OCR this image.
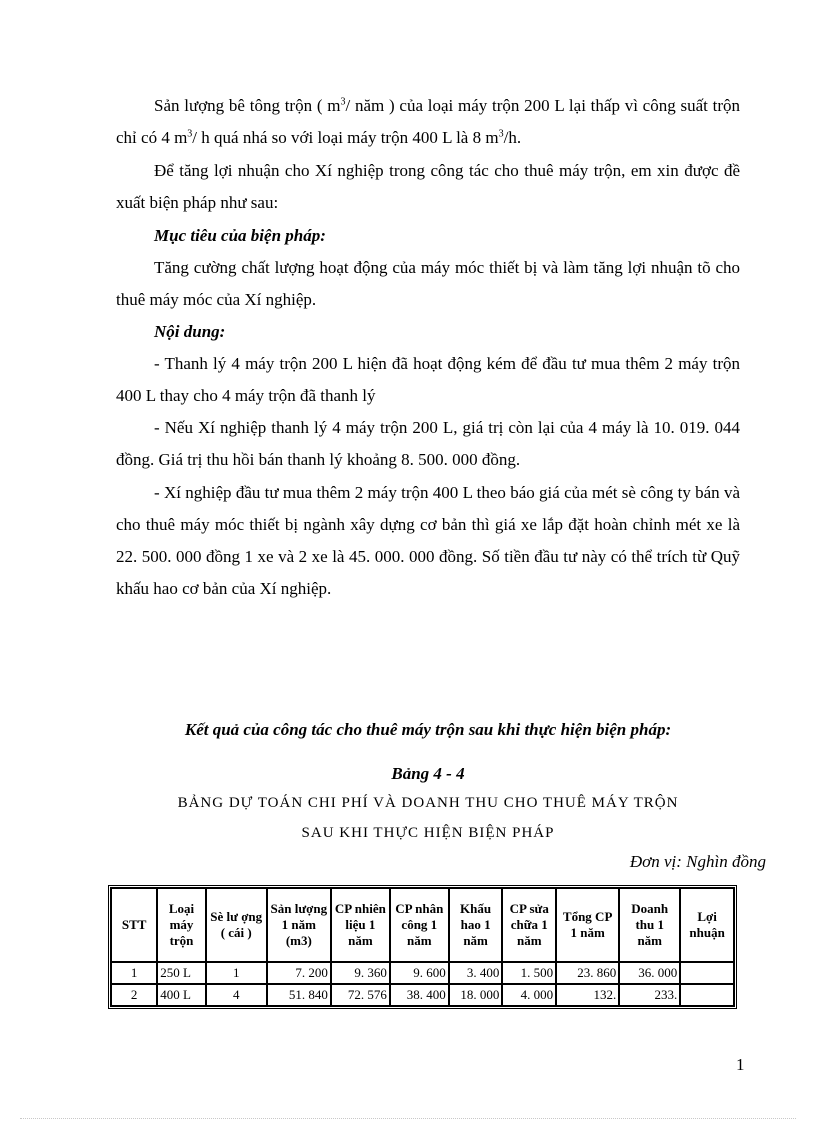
Sản lượng bê tông trộn ( $m^3/$ năm ) của loại máy trộn 200 L lại thấp vì công suất trộn chỉ có 4 $m^3/$ h quá nhá so với loại máy trộn 400 L là 8 $m^3/h$.
Để tăng lợi nhuận cho Xí nghiệp trong công tác cho thuê máy trộn, em xin được đề xuất biện pháp như sau:
Mục tiêu của biện pháp:
Tăng cường chất lượng hoạt động của máy móc thiết bị và làm tăng lợi nhuận tõ cho thuê máy móc của Xí nghiệp.
Nội dung:
- Thanh lý 4 máy trộn 200 L hiện đã hoạt động kém để đầu tư mua thêm 2 máy trộn 400 L thay cho 4 máy trộn đã thanh lý
- Nếu Xí nghiệp thanh lý 4 máy trộn 200 L, giá trị còn lại của 4 máy là 10. 019. 044 đồng. Giá trị thu hồi bán thanh lý khoảng 8. 500. 000 đồng.
- Xí nghiệp đầu tư mua thêm 2 máy trộn 400 L theo báo giá của mét sè công ty bán và cho thuê máy móc thiết bị ngành xây dựng cơ bản thì giá xe lắp đặt hoàn chỉnh mét xe là 22. 500. 000 đồng 1 xe và 2 xe là 45. 000. 000 đồng. Số tiền đầu tư này có thể trích từ Quỹ khấu hao cơ bản của Xí nghiệp.
Kết quả của công tác cho thuê máy trộn sau khi thực hiện biện pháp:
Bảng 4 - 4
BẢNG DỰ TOÁN CHI PHÍ VÀ DOANH THU CHO THUÊ MÁY TRỘN
SAU KHI THỰC HIỆN BIỆN PHÁP
Đơn vị: Nghìn đồng
STT	Loại máy trộn	Sè lư ợng ( cái )	Sản lượng 1 năm (m3)	CP nhiên liệu 1 năm	CP nhân công 1 năm	Khấu hao 1 năm	CP sửa chữa 1 năm	Tổng CP 1 năm	Doanh thu 1 năm	Lợi nhuận
1	250 L	1	7. 200	9. 360	9. 600	3. 400	1. 500	23. 860	36. 000	
2	400 L	4	51. 840	72. 576	38. 400	18. 000	4. 000	132.	233.	
1
